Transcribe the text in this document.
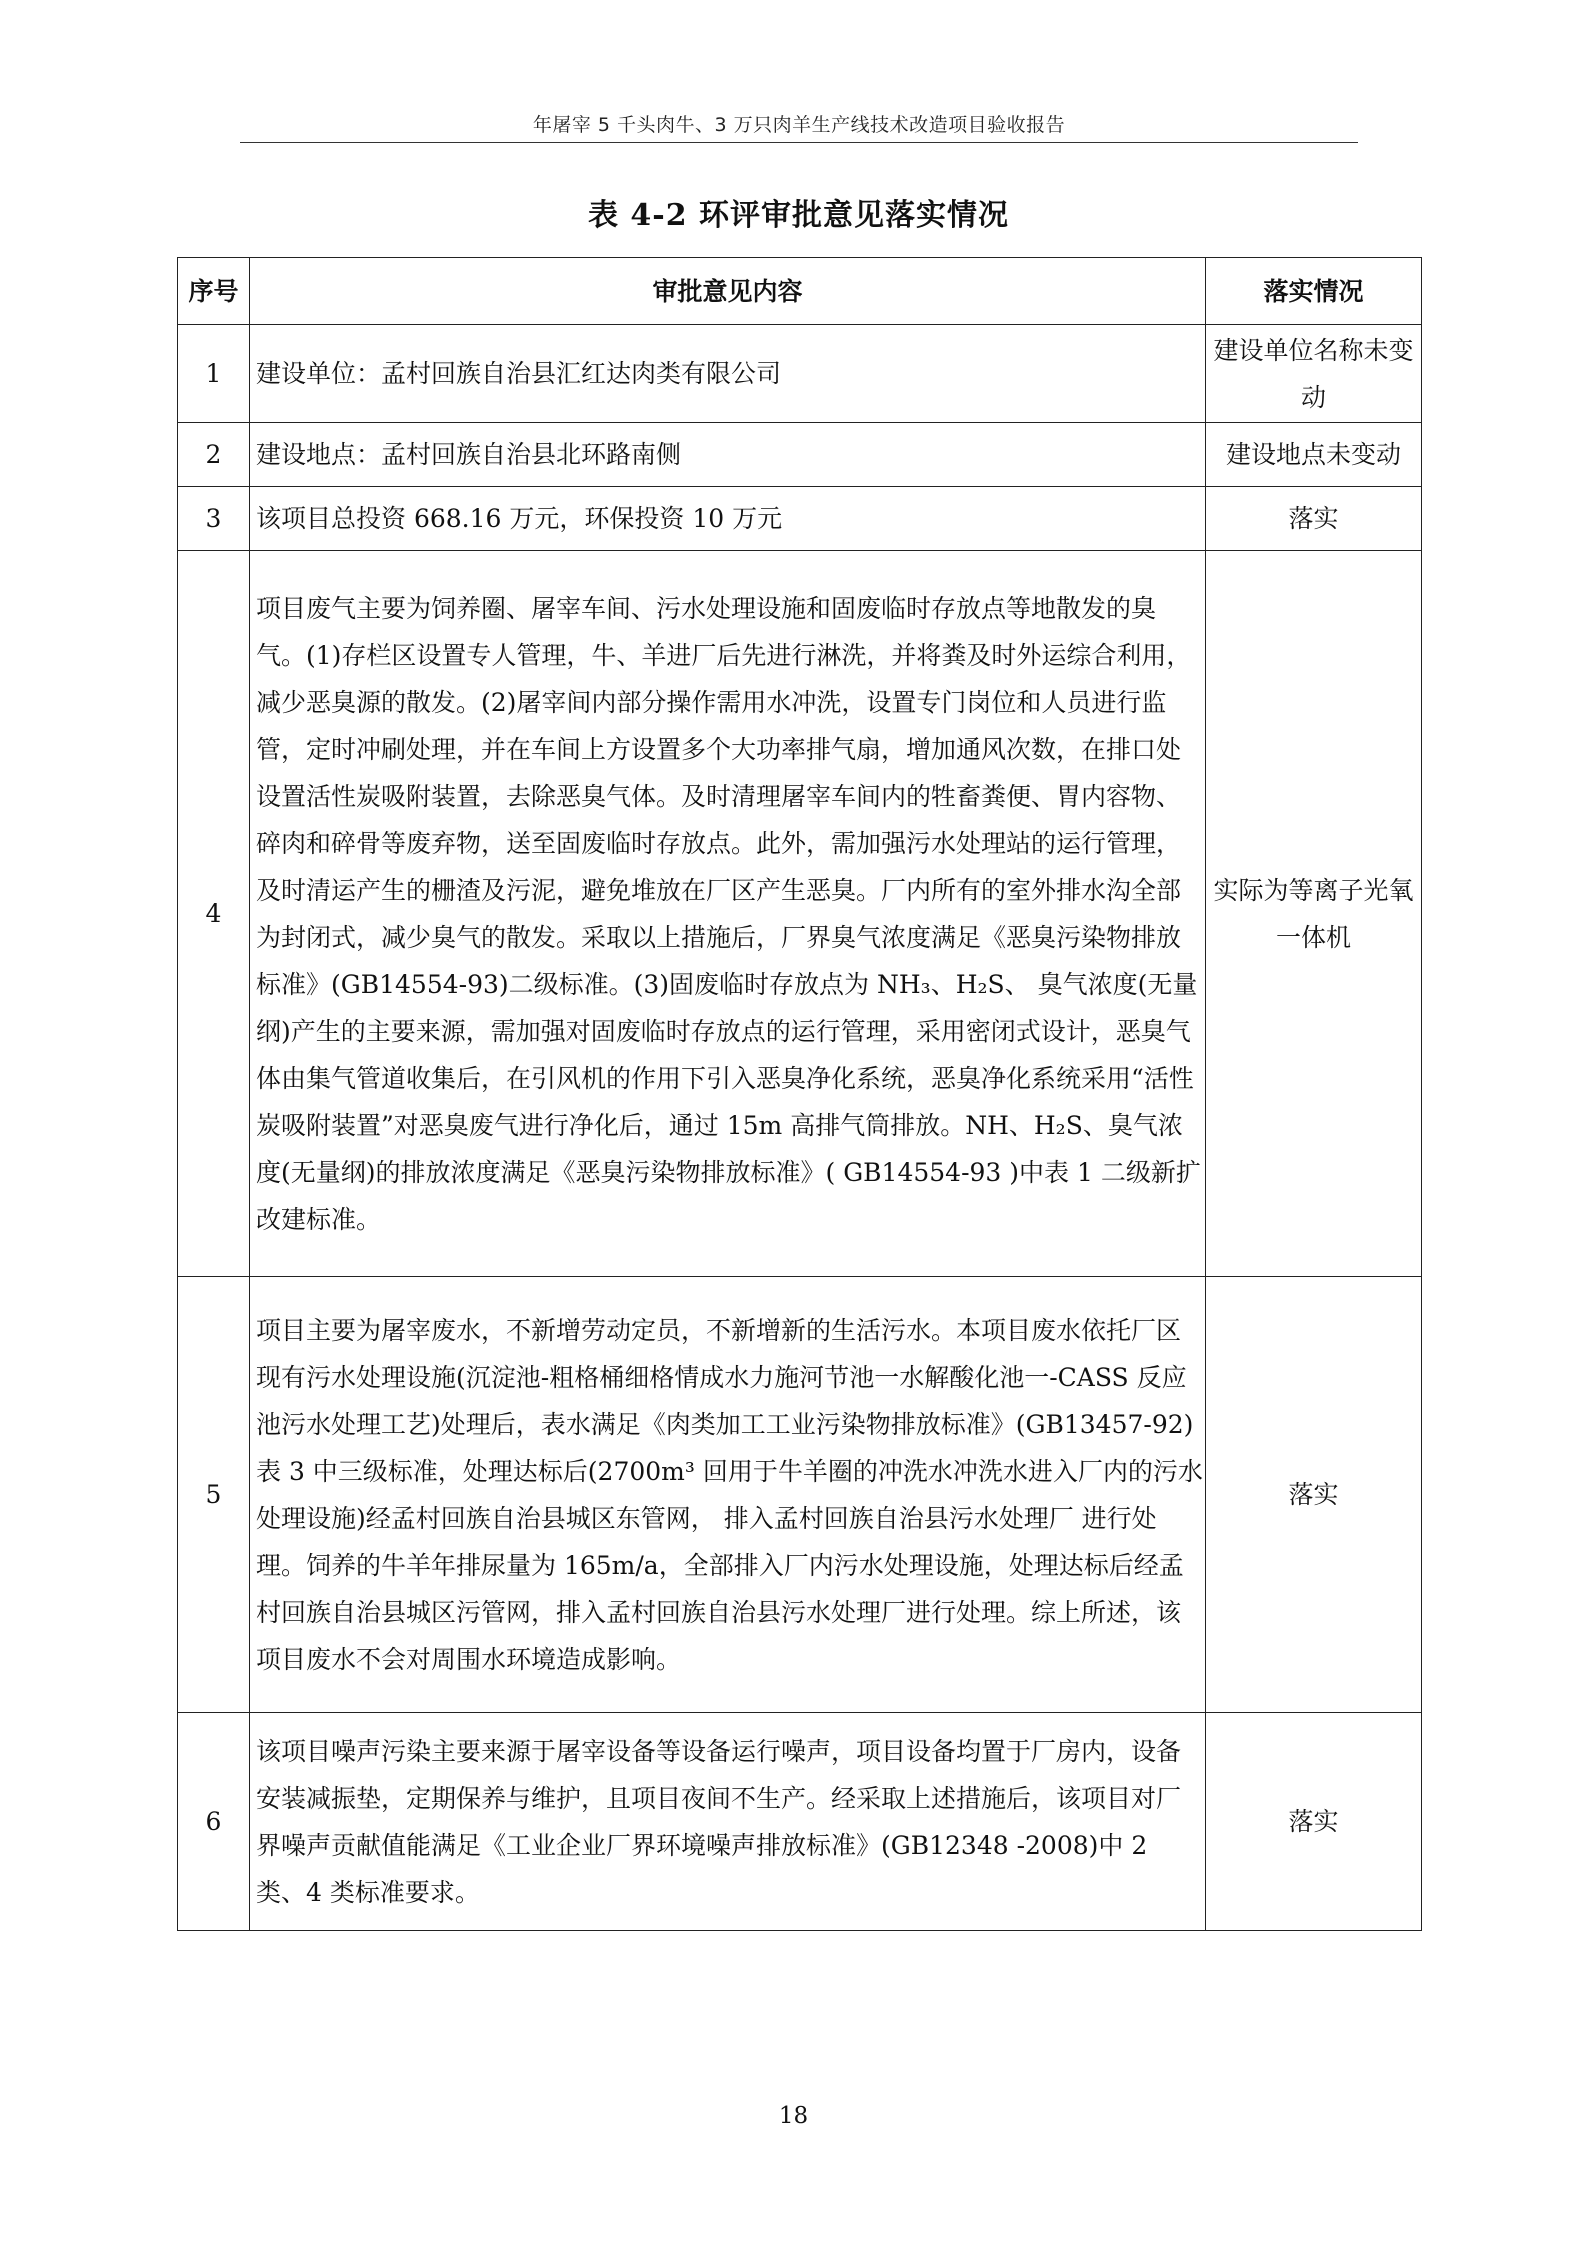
年屠宰 5 千头肉牛、3 万只肉羊生产线技术改造项目验收报告
表 4-2 环评审批意见落实情况
序号	审批意见内容	落实情况
1	建设单位：孟村回族自治县汇红达肉类有限公司	建设单位名称未变动
2	建设地点：孟村回族自治县北环路南侧	建设地点未变动
3	该项目总投资 668.16 万元，环保投资 10 万元	落实
4	项目废气主要为饲养圈、屠宰车间、污水处理设施和固废临时存放点等地散发的臭气。(1)存栏区设置专人管理，牛、羊进厂后先进行淋洗，并将粪及时外运综合利用，减少恶臭源的散发。(2)屠宰间内部分操作需用水冲洗，设置专门岗位和人员进行监管，定时冲刷处理，并在车间上方设置多个大功率排气扇，增加通风次数，在排口处设置活性炭吸附装置，去除恶臭气体。及时清理屠宰车间内的牲畜粪便、胃内容物、碎肉和碎骨等废弃物，送至固废临时存放点。此外，需加强污水处理站的运行管理，及时清运产生的栅渣及污泥，避免堆放在厂区产生恶臭。厂内所有的室外排水沟全部为封闭式，减少臭气的散发。采取以上措施后，厂界臭气浓度满足《恶臭污染物排放标准》(GB14554-93)二级标准。(3)固废临时存放点为 NH₃、H₂S、 臭气浓度(无量纲)产生的主要来源，需加强对固废临时存放点的运行管理，采用密闭式设计，恶臭气体由集气管道收集后，在引风机的作用下引入恶臭净化系统，恶臭净化系统采用“活性炭吸附装置”对恶臭废气进行净化后，通过 15m 高排气筒排放。NH、H₂S、臭气浓度(无量纲)的排放浓度满足《恶臭污染物排放标准》( GB14554-93 )中表 1 二级新扩改建标准。	实际为等离子光氧一体机
5	项目主要为屠宰废水，不新增劳动定员，不新增新的生活污水。本项目废水依托厂区现有污水处理设施(沉淀池-粗格桶细格情成水力施河节池一水解酸化池一-CASS 反应池污水处理工艺)处理后，表水满足《肉类加工工业污染物排放标准》(GB13457-92)表 3 中三级标准，处理达标后(2700m³ 回用于牛羊圈的冲洗水冲洗水进入厂内的污水处理设施)经孟村回族自治县城区东管网， 排入孟村回族自治县污水处理厂 进行处理。饲养的牛羊年排尿量为 165m/a，全部排入厂内污水处理设施，处理达标后经孟村回族自治县城区污管网，排入孟村回族自治县污水处理厂进行处理。综上所述，该项目废水不会对周围水环境造成影响。	落实
6	该项目噪声污染主要来源于屠宰设备等设备运行噪声，项目设备均置于厂房内，设备安装减振垫，定期保养与维护，且项目夜间不生产。经采取上述措施后，该项目对厂界噪声贡献值能满足《工业企业厂界环境噪声排放标准》(GB12348 -2008)中 2 类、4 类标准要求。	落实
18
